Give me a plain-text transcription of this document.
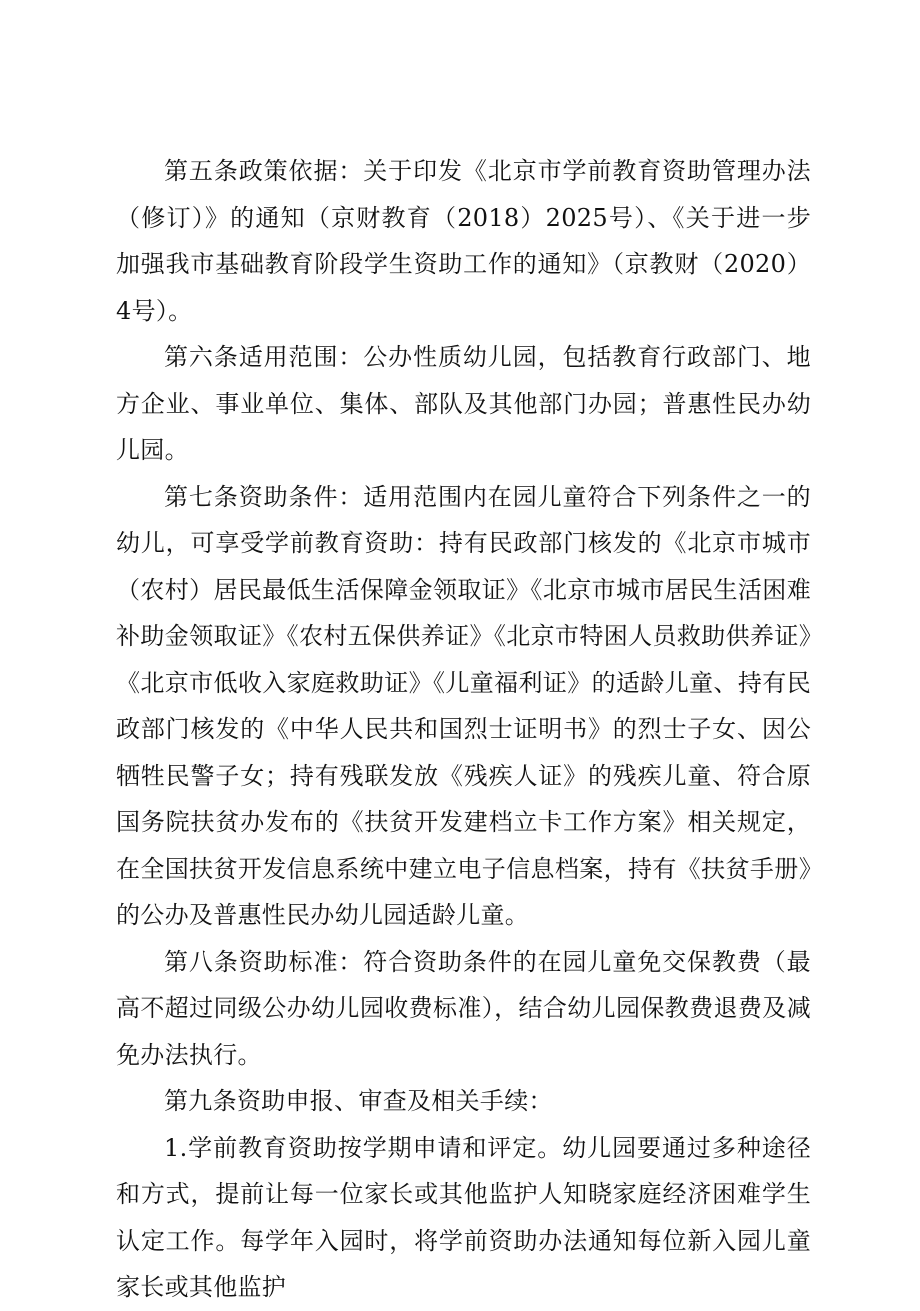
第五条政策依据：关于印发《北京市学前教育资助管理办法（修订）》的通知（京财教育（2018）2025号）、《关于进一步加强我市基础教育阶段学生资助工作的通知》（京教财（2020）4号）。

第六条适用范围：公办性质幼儿园，包括教育行政部门、地方企业、事业单位、集体、部队及其他部门办园；普惠性民办幼儿园。

第七条资助条件：适用范围内在园儿童符合下列条件之一的幼儿，可享受学前教育资助：持有民政部门核发的《北京市城市（农村）居民最低生活保障金领取证》《北京市城市居民生活困难补助金领取证》《农村五保供养证》《北京市特困人员救助供养证》《北京市低收入家庭救助证》《儿童福利证》的适龄儿童、持有民政部门核发的《中华人民共和国烈士证明书》的烈士子女、因公牺牲民警子女；持有残联发放《残疾人证》的残疾儿童、符合原国务院扶贫办发布的《扶贫开发建档立卡工作方案》相关规定，在全国扶贫开发信息系统中建立电子信息档案，持有《扶贫手册》的公办及普惠性民办幼儿园适龄儿童。

第八条资助标准：符合资助条件的在园儿童免交保教费（最高不超过同级公办幼儿园收费标准），结合幼儿园保教费退费及减免办法执行。

第九条资助申报、审查及相关手续：

1.学前教育资助按学期申请和评定。幼儿园要通过多种途径和方式，提前让每一位家长或其他监护人知晓家庭经济困难学生认定工作。每学年入园时，将学前资助办法通知每位新入园儿童家长或其他监护
